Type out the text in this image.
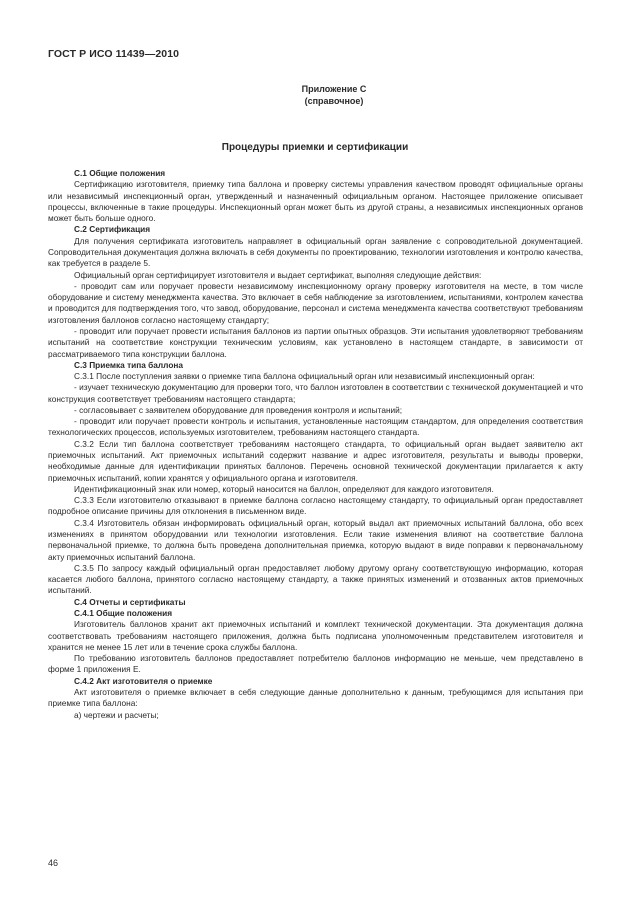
ГОСТ Р ИСО 11439—2010
Приложение С
(справочное)
Процедуры приемки и сертификации

С.1 Общие положения

Сертификацию изготовителя, приемку типа баллона и проверку системы управления качеством проводят официальные органы или независимый инспекционный орган, утвержденный и назначенный официальным органом. Настоящее приложение описывает процессы, включенные в такие процедуры. Инспекционный орган может быть из другой страны, а независимых инспекционных органов может быть больше одного.

С.2 Сертификация

Для получения сертификата изготовитель направляет в официальный орган заявление с сопроводительной документацией. Сопроводительная документация должна включать в себя документы по проектированию, технологии изготовления и контролю качества, как требуется в разделе 5.

Официальный орган сертифицирует изготовителя и выдает сертификат, выполняя следующие действия:

- проводит сам или поручает провести независимому инспекционному органу проверку изготовителя на месте, в том числе оборудование и систему менеджмента качества. Это включает в себя наблюдение за изготовлением, испытаниями, контролем качества и проводится для подтверждения того, что завод, оборудование, персонал и система менеджмента качества соответствуют требованиям изготовления баллонов согласно настоящему стандарту;

- проводит или поручает провести испытания баллонов из партии опытных образцов. Эти испытания удовлетворяют требованиям испытаний на соответствие конструкции техническим условиям, как установлено в настоящем стандарте, в зависимости от рассматриваемого типа конструкции баллона.

С.3 Приемка типа баллона

С.3.1 После поступления заявки о приемке типа баллона официальный орган или независимый инспекционный орган:

- изучает техническую документацию для проверки того, что баллон изготовлен в соответствии с технической документацией и что конструкция соответствует требованиям настоящего стандарта;

- согласовывает с заявителем оборудование для проведения контроля и испытаний;

- проводит или поручает провести контроль и испытания, установленные настоящим стандартом, для определения соответствия технологических процессов, используемых изготовителем, требованиям настоящего стандарта.

С.3.2 Если тип баллона соответствует требованиям настоящего стандарта, то официальный орган выдает заявителю акт приемочных испытаний. Акт приемочных испытаний содержит название и адрес изготовителя, результаты и выводы проверки, необходимые данные для идентификации принятых баллонов. Перечень основной технической документации прилагается к акту приемочных испытаний, копии хранятся у официального органа и изготовителя.

Идентификационный знак или номер, который наносится на баллон, определяют для каждого изготовителя.

С.3.3 Если изготовителю отказывают в приемке баллона согласно настоящему стандарту, то официальный орган предоставляет подробное описание причины для отклонения в письменном виде.

С.3.4 Изготовитель обязан информировать официальный орган, который выдал акт приемочных испытаний баллона, обо всех изменениях в принятом оборудовании или технологии изготовления. Если такие изменения влияют на соответствие баллона первоначальной приемке, то должна быть проведена дополнительная приемка, которую выдают в виде поправки к первоначальному акту приемочных испытаний баллона.

С.3.5 По запросу каждый официальный орган предоставляет любому другому органу соответствующую информацию, которая касается любого баллона, принятого согласно настоящему стандарту, а также принятых изменений и отозванных актов приемочных испытаний.

С.4 Отчеты и сертификаты

С.4.1 Общие положения

Изготовитель баллонов хранит акт приемочных испытаний и комплект технической документации. Эта документация должна соответствовать требованиям настоящего приложения, должна быть подписана уполномоченным представителем изготовителя и хранится не менее 15 лет или в течение срока службы баллона.

По требованию изготовитель баллонов предоставляет потребителю баллонов информацию не меньше, чем представлено в форме 1 приложения Е.

С.4.2 Акт изготовителя о приемке

Акт изготовителя о приемке включает в себя следующие данные дополнительно к данным, требующимся для испытания при приемке типа баллона:

а) чертежи и расчеты;

46
